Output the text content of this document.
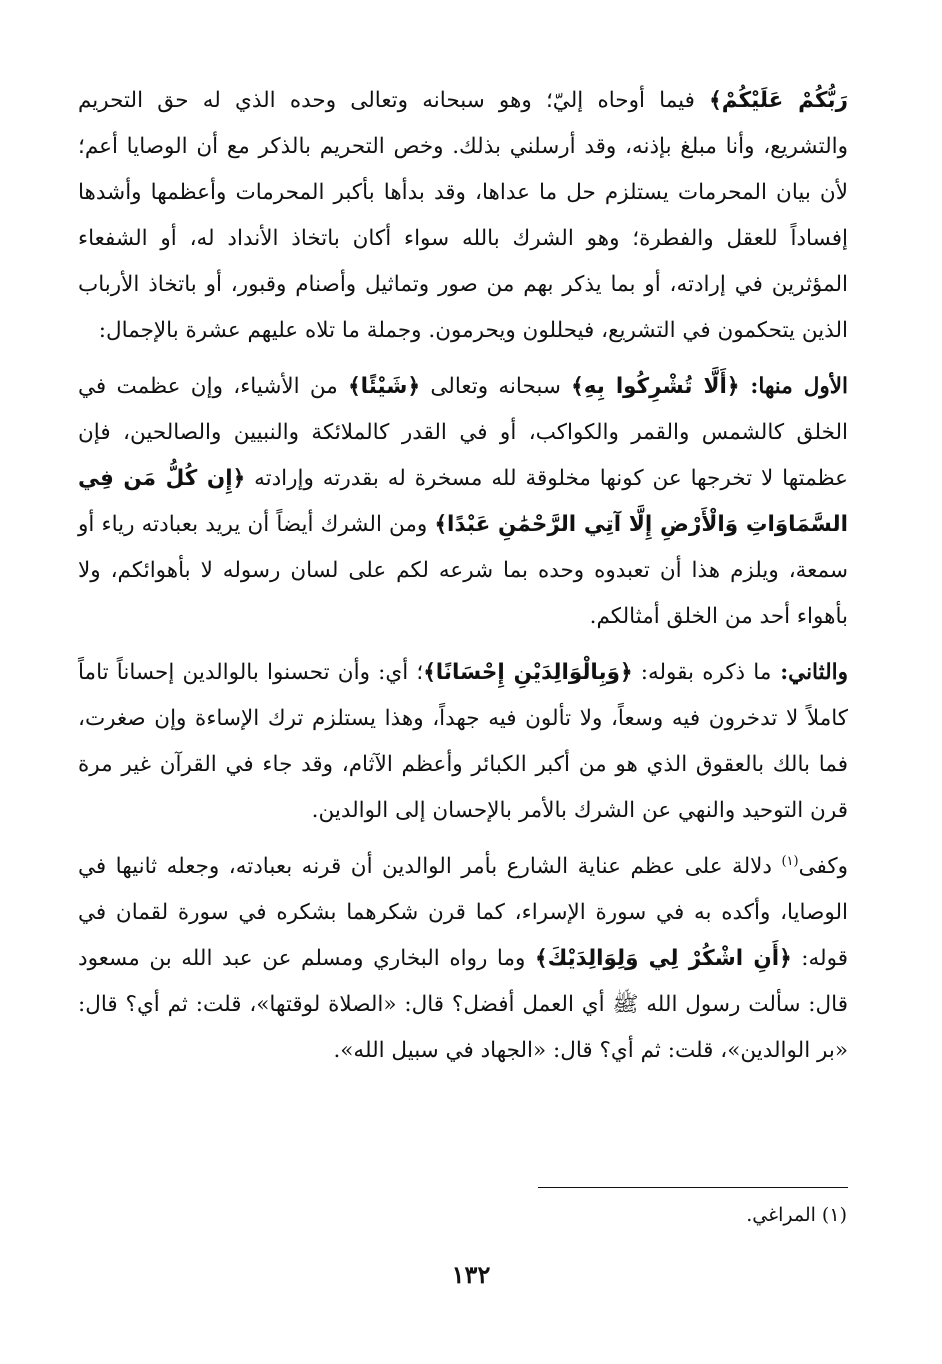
رَبُّكُمْ عَلَيْكُمْ﴾ فيما أوحاه إليّ؛ وهو سبحانه وتعالى وحده الذي له حق التحريم والتشريع، وأنا مبلغ بإذنه، وقد أرسلني بذلك. وخص التحريم بالذكر مع أن الوصايا أعم؛ لأن بيان المحرمات يستلزم حل ما عداها، وقد بدأها بأكبر المحرمات وأعظمها وأشدها إفساداً للعقل والفطرة؛ وهو الشرك بالله سواء أكان باتخاذ الأنداد له، أو الشفعاء المؤثرين في إرادته، أو بما يذكر بهم من صور وتماثيل وأصنام وقبور، أو باتخاذ الأرباب الذين يتحكمون في التشريع، فيحللون ويحرمون. وجملة ما تلاه عليهم عشرة بالإجمال:

الأول منها: ﴿أَلَّا تُشْرِكُوا بِهِ﴾ سبحانه وتعالى ﴿شَيْئًا﴾ من الأشياء، وإن عظمت في الخلق كالشمس والقمر والكواكب، أو في القدر كالملائكة والنبيين والصالحين، فإن عظمتها لا تخرجها عن كونها مخلوقة لله مسخرة له بقدرته وإرادته ﴿إِن كُلُّ مَن فِي السَّمَاوَاتِ وَالْأَرْضِ إِلَّا آتِي الرَّحْمَٰنِ عَبْدًا﴾ ومن الشرك أيضاً أن يريد بعبادته رياء أو سمعة، ويلزم هذا أن تعبدوه وحده بما شرعه لكم على لسان رسوله لا بأهوائكم، ولا بأهواء أحد من الخلق أمثالكم.

والثاني: ما ذكره بقوله: ﴿وَبِالْوَالِدَيْنِ إِحْسَانًا﴾؛ أي: وأن تحسنوا بالوالدين إحساناً تاماً كاملاً لا تدخرون فيه وسعاً، ولا تألون فيه جهداً، وهذا يستلزم ترك الإساءة وإن صغرت، فما بالك بالعقوق الذي هو من أكبر الكبائر وأعظم الآثام، وقد جاء في القرآن غير مرة قرن التوحيد والنهي عن الشرك بالأمر بالإحسان إلى الوالدين.

وكفى$^{(١)}$ دلالة على عظم عناية الشارع بأمر الوالدين أن قرنه بعبادته، وجعله ثانيها في الوصايا، وأكده به في سورة الإسراء، كما قرن شكرهما بشكره في سورة لقمان في قوله: ﴿أَنِ اشْكُرْ لِي وَلِوَالِدَيْكَ﴾ وما رواه البخاري ومسلم عن عبد الله بن مسعود قال: سألت رسول الله ﷺ أي العمل أفضل؟ قال: «الصلاة لوقتها»، قلت: ثم أي؟ قال: «بر الوالدين»، قلت: ثم أي؟ قال: «الجهاد في سبيل الله».

(١) المراغي.
١٣٢
